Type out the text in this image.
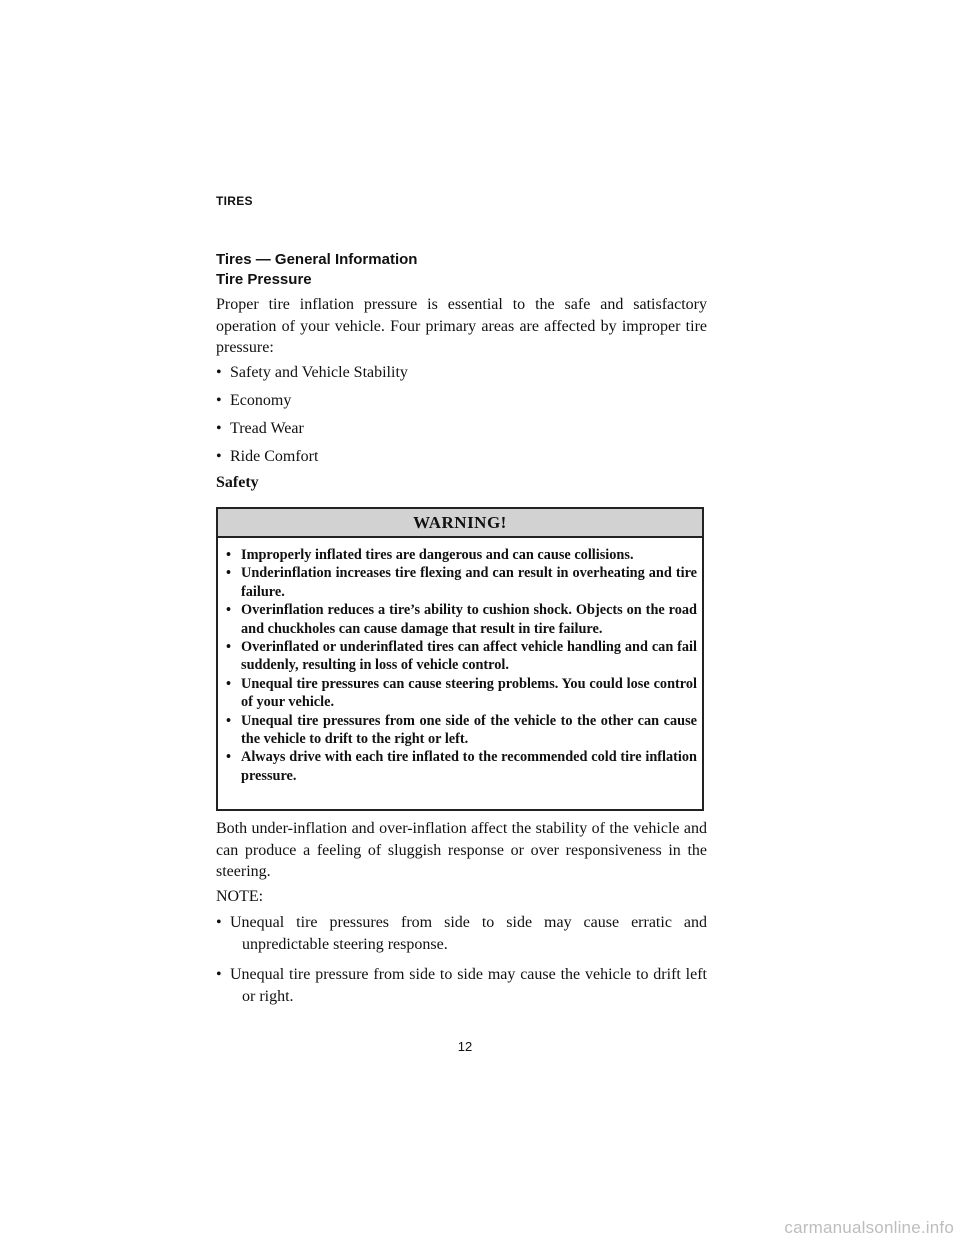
TIRES
Tires — General Information
Tire Pressure
Proper tire inflation pressure is essential to the safe and satisfactory operation of your vehicle. Four primary areas are affected by improper tire pressure:
• Safety and Vehicle Stability
• Economy
• Tread Wear
• Ride Comfort
Safety
WARNING!
• Improperly inflated tires are dangerous and can cause collisions.
• Underinflation increases tire flexing and can result in overheating and tire failure.
• Overinflation reduces a tire’s ability to cushion shock. Objects on the road and chuckholes can cause damage that result in tire failure.
• Overinflated or underinflated tires can affect vehicle handling and can fail suddenly, resulting in loss of vehicle control.
• Unequal tire pressures can cause steering problems. You could lose control of your vehicle.
• Unequal tire pressures from one side of the vehicle to the other can cause the vehicle to drift to the right or left.
• Always drive with each tire inflated to the recommended cold tire inflation pressure.
Both under-inflation and over-inflation affect the stability of the vehicle and can produce a feeling of sluggish response or over responsiveness in the steering.
NOTE:
• Unequal tire pressures from side to side may cause erratic and unpredictable steering response.
• Unequal tire pressure from side to side may cause the vehicle to drift left or right.
12
carmanualsonline.info
